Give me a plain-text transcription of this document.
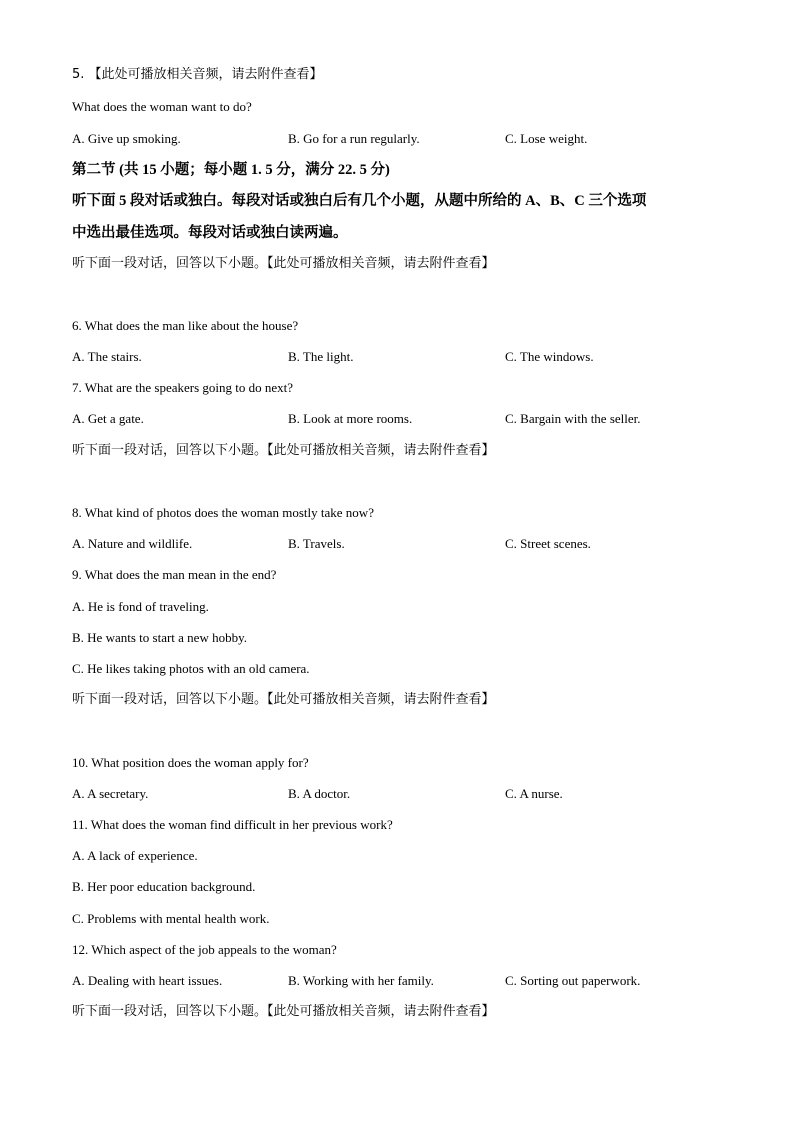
5. 【此处可播放相关音频，请去附件查看】
What does the woman want to do?
A. Give up smoking.	B. Go for a run regularly.	C. Lose weight.
第二节 (共 15 小题；每小题 1. 5 分，满分 22. 5 分)
听下面 5 段对话或独白。每段对话或独白后有几个小题，从题中所给的 A、B、C 三个选项
中选出最佳选项。每段对话或独白读两遍。
听下面一段对话，回答以下小题。【此处可播放相关音频，请去附件查看】
6. What does the man like about the house?
A. The stairs.	B. The light.	C. The windows.
7. What are the speakers going to do next?
A. Get a gate.	B. Look at more rooms.	C. Bargain with the seller.
听下面一段对话，回答以下小题。【此处可播放相关音频，请去附件查看】
8. What kind of photos does the woman mostly take now?
A. Nature and wildlife.	B. Travels.	C. Street scenes.
9. What does the man mean in the end?
A. He is fond of traveling.
B. He wants to start a new hobby.
C. He likes taking photos with an old camera.
听下面一段对话，回答以下小题。【此处可播放相关音频，请去附件查看】
10. What position does the woman apply for?
A. A secretary.	B. A doctor.	C. A nurse.
11. What does the woman find difficult in her previous work?
A. A lack of experience.
B. Her poor education background.
C. Problems with mental health work.
12. Which aspect of the job appeals to the woman?
A. Dealing with heart issues.	B. Working with her family.	C. Sorting out paperwork.
听下面一段对话，回答以下小题。【此处可播放相关音频，请去附件查看】
